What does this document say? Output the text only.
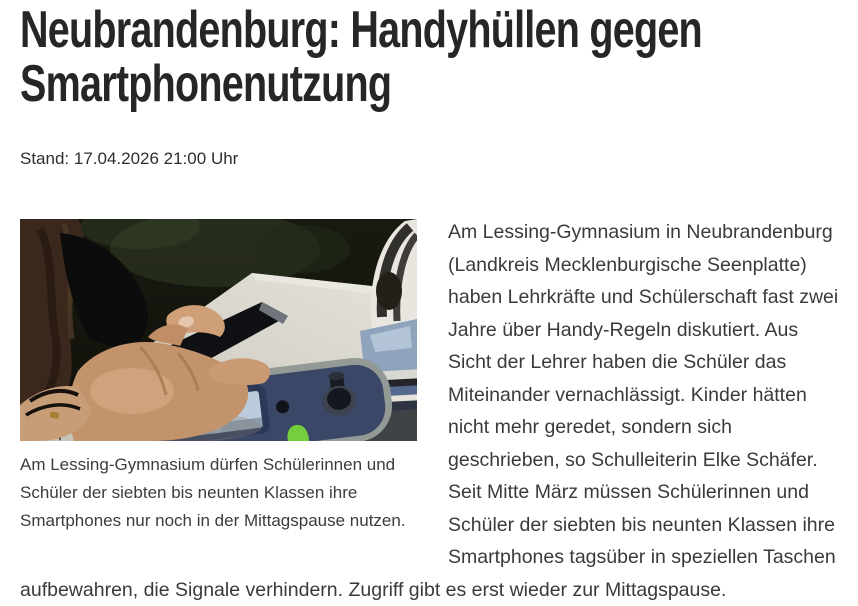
Neubrandenburg: Handyhüllen gegen Smartphonenutzung
Stand: 17.04.2026 21:00 Uhr
Am Lessing-Gymnasium dürfen Schülerinnen und Schüler der siebten bis neunten Klassen ihre Smartphones nur noch in der Mittagspause nutzen.

Am Lessing-Gymnasium in Neubrandenburg (Landkreis Mecklenburgische Seenplatte) haben Lehrkräfte und Schülerschaft fast zwei Jahre über Handy-Regeln diskutiert. Aus Sicht der Lehrer haben die Schüler das Miteinander vernachlässigt. Kinder hätten nicht mehr geredet, sondern sich geschrieben, so Schulleiterin Elke Schäfer. Seit Mitte März müssen Schülerinnen und Schüler der siebten bis neunten Klassen ihre Smartphones tagsüber in speziellen Taschen aufbewahren, die Signale verhindern. Zugriff gibt es erst wieder zur Mittagspause.
